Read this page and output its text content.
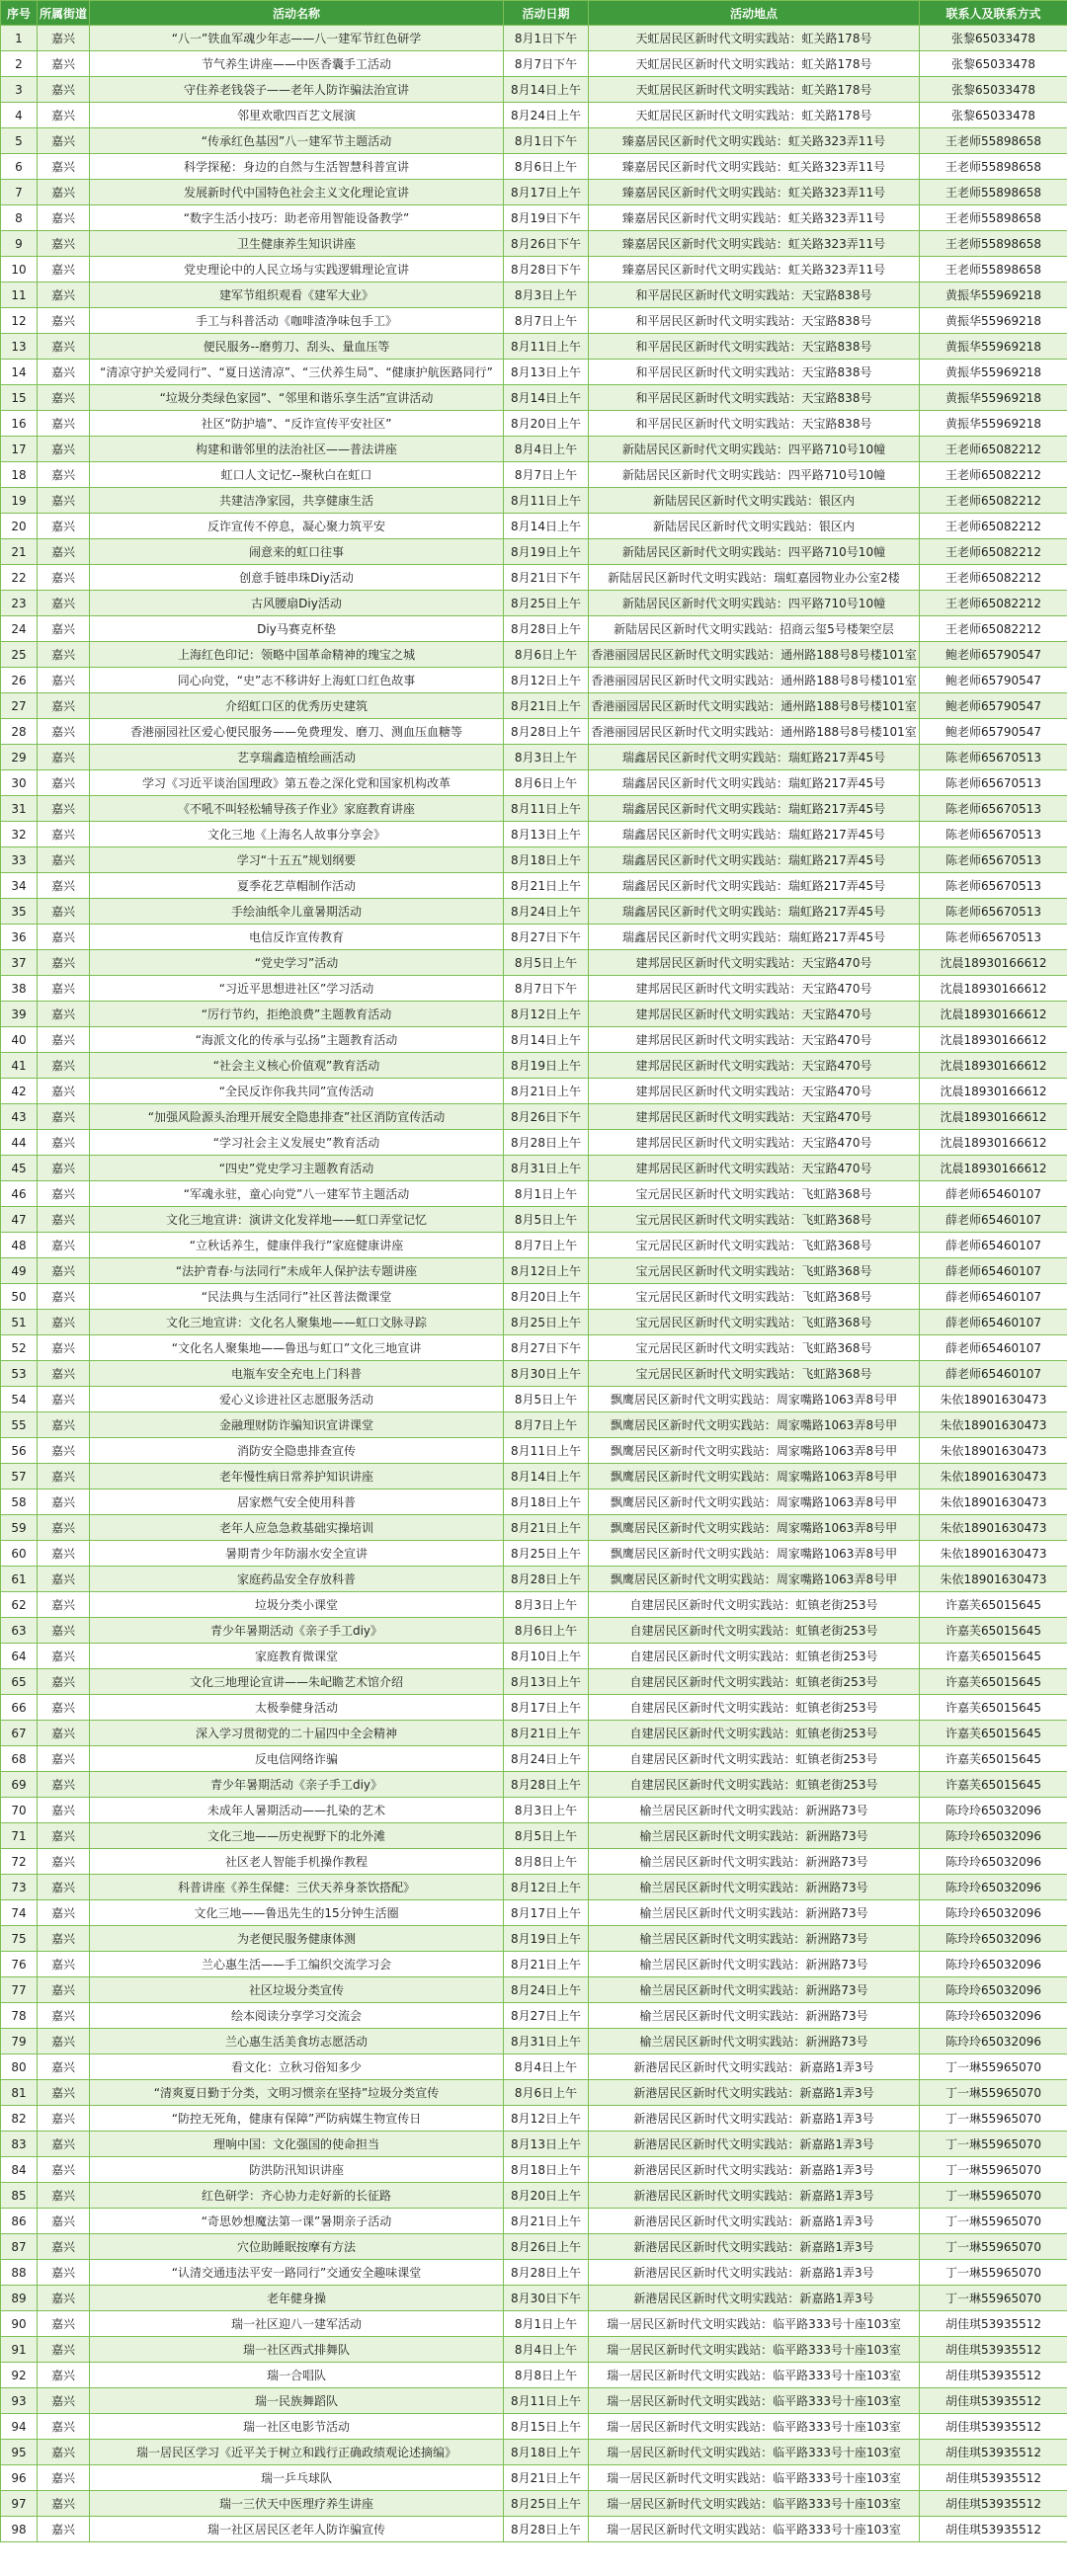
序号	所属街道	活动名称	活动日期	活动地点	联系人及联系方式
1	嘉兴	“八一”铁血军魂少年志——八一建军节红色研学	8月1日下午	天虹居民区新时代文明实践站：虹关路178号	张黎65033478
2	嘉兴	节气养生讲座——中医香囊手工活动	8月7日下午	天虹居民区新时代文明实践站：虹关路178号	张黎65033478
3	嘉兴	守住养老钱袋子——老年人防诈骗法治宣讲	8月14日上午	天虹居民区新时代文明实践站：虹关路178号	张黎65033478
4	嘉兴	邻里欢歌四百艺文展演	8月24日上午	天虹居民区新时代文明实践站：虹关路178号	张黎65033478
5	嘉兴	“传承红色基因”八一建军节主题活动	8月1日下午	臻嘉居民区新时代文明实践站：虹关路323弄11号	王老师55898658
6	嘉兴	科学探秘：身边的自然与生活智慧科普宣讲	8月6日上午	臻嘉居民区新时代文明实践站：虹关路323弄11号	王老师55898658
7	嘉兴	发展新时代中国特色社会主义文化理论宣讲	8月17日上午	臻嘉居民区新时代文明实践站：虹关路323弄11号	王老师55898658
8	嘉兴	“数字生活小技巧：助老帝用智能设备教学”	8月19日下午	臻嘉居民区新时代文明实践站：虹关路323弄11号	王老师55898658
9	嘉兴	卫生健康养生知识讲座	8月26日下午	臻嘉居民区新时代文明实践站：虹关路323弄11号	王老师55898658
10	嘉兴	党史理论中的人民立场与实践逻辑理论宣讲	8月28日下午	臻嘉居民区新时代文明实践站：虹关路323弄11号	王老师55898658
11	嘉兴	建军节组织观看《建军大业》	8月3日上午	和平居民区新时代文明实践站：天宝路838号	黄振华55969218
12	嘉兴	手工与科普活动《咖啡渣净味包手工》	8月7日上午	和平居民区新时代文明实践站：天宝路838号	黄振华55969218
13	嘉兴	便民服务--磨剪刀、刮头、量血压等	8月11日上午	和平居民区新时代文明实践站：天宝路838号	黄振华55969218
14	嘉兴	“清凉守护关爱同行”、“夏日送清凉”、“三伏养生局”、“健康护航医路同行”	8月13日上午	和平居民区新时代文明实践站：天宝路838号	黄振华55969218
15	嘉兴	“垃圾分类绿色家园”、“邻里和谐乐享生活”宣讲活动	8月14日上午	和平居民区新时代文明实践站：天宝路838号	黄振华55969218
16	嘉兴	社区“防护墙”、“反诈宣传平安社区”	8月20日上午	和平居民区新时代文明实践站：天宝路838号	黄振华55969218
17	嘉兴	构建和谐邻里的法治社区——普法讲座	8月4日上午	新陆居民区新时代文明实践站：四平路710号10幢	王老师65082212
18	嘉兴	虹口人文记忆--聚秋白在虹口	8月7日上午	新陆居民区新时代文明实践站：四平路710号10幢	王老师65082212
19	嘉兴	共建洁净家园，共享健康生活	8月11日上午	新陆居民区新时代文明实践站：银区内	王老师65082212
20	嘉兴	反诈宣传不停息，凝心聚力筑平安	8月14日上午	新陆居民区新时代文明实践站：银区内	王老师65082212
21	嘉兴	闹意来的虹口往事	8月19日上午	新陆居民区新时代文明实践站：四平路710号10幢	王老师65082212
22	嘉兴	创意手链串珠Diy活动	8月21日下午	新陆居民区新时代文明实践站：瑞虹嘉园物业办公室2楼	王老师65082212
23	嘉兴	古风腰扇Diy活动	8月25日上午	新陆居民区新时代文明实践站：四平路710号10幢	王老师65082212
24	嘉兴	Diy马赛克杯垫	8月28日上午	新陆居民区新时代文明实践站：招商云玺5号楼架空层	王老师65082212
25	嘉兴	上海红色印记：领略中国革命精神的瑰宝之城	8月6日上午	香港丽园居民区新时代文明实践站：通州路188号8号楼101室	鲍老师65790547
26	嘉兴	同心向党，“史”志不移讲好上海虹口红色故事	8月12日上午	香港丽园居民区新时代文明实践站：通州路188号8号楼101室	鲍老师65790547
27	嘉兴	介绍虹口区的优秀历史建筑	8月21日上午	香港丽园居民区新时代文明实践站：通州路188号8号楼101室	鲍老师65790547
28	嘉兴	香港丽园社区爱心便民服务——免费理发、磨刀、测血压血糖等	8月28日上午	香港丽园居民区新时代文明实践站：通州路188号8号楼101室	鲍老师65790547
29	嘉兴	艺享瑞鑫造植绘画活动	8月3日上午	瑞鑫居民区新时代文明实践站：瑞虹路217弄45号	陈老师65670513
30	嘉兴	学习《习近平谈治国理政》第五卷之深化党和国家机构改革	8月6日上午	瑞鑫居民区新时代文明实践站：瑞虹路217弄45号	陈老师65670513
31	嘉兴	《不吼不叫轻松辅导孩子作业》家庭教育讲座	8月11日上午	瑞鑫居民区新时代文明实践站：瑞虹路217弄45号	陈老师65670513
32	嘉兴	文化三地《上海名人故事分享会》	8月13日上午	瑞鑫居民区新时代文明实践站：瑞虹路217弄45号	陈老师65670513
33	嘉兴	学习“十五五”规划纲要	8月18日上午	瑞鑫居民区新时代文明实践站：瑞虹路217弄45号	陈老师65670513
34	嘉兴	夏季花艺草帽制作活动	8月21日上午	瑞鑫居民区新时代文明实践站：瑞虹路217弄45号	陈老师65670513
35	嘉兴	手绘油纸伞儿童暑期活动	8月24日上午	瑞鑫居民区新时代文明实践站：瑞虹路217弄45号	陈老师65670513
36	嘉兴	电信反诈宣传教育	8月27日下午	瑞鑫居民区新时代文明实践站：瑞虹路217弄45号	陈老师65670513
37	嘉兴	“党史学习”活动	8月5日上午	建邦居民区新时代文明实践站：天宝路470号	沈晨18930166612
38	嘉兴	“习近平思想进社区”学习活动	8月7日下午	建邦居民区新时代文明实践站：天宝路470号	沈晨18930166612
39	嘉兴	“厉行节约，拒绝浪费”主题教育活动	8月12日上午	建邦居民区新时代文明实践站：天宝路470号	沈晨18930166612
40	嘉兴	“海派文化的传承与弘扬”主题教育活动	8月14日上午	建邦居民区新时代文明实践站：天宝路470号	沈晨18930166612
41	嘉兴	“社会主义核心价值观”教育活动	8月19日上午	建邦居民区新时代文明实践站：天宝路470号	沈晨18930166612
42	嘉兴	“全民反诈你我共同”宣传活动	8月21日上午	建邦居民区新时代文明实践站：天宝路470号	沈晨18930166612
43	嘉兴	“加强风险源头治理开展安全隐患排查”社区消防宣传活动	8月26日下午	建邦居民区新时代文明实践站：天宝路470号	沈晨18930166612
44	嘉兴	“学习社会主义发展史”教育活动	8月28日上午	建邦居民区新时代文明实践站：天宝路470号	沈晨18930166612
45	嘉兴	“四史”党史学习主题教育活动	8月31日上午	建邦居民区新时代文明实践站：天宝路470号	沈晨18930166612
46	嘉兴	“军魂永驻，童心向党”八一建军节主题活动	8月1日上午	宝元居民区新时代文明实践站：飞虹路368号	薛老师65460107
47	嘉兴	文化三地宣讲：演讲文化发祥地——虹口弄堂记忆	8月5日上午	宝元居民区新时代文明实践站：飞虹路368号	薛老师65460107
48	嘉兴	“立秋话养生，健康伴我行”家庭健康讲座	8月7日上午	宝元居民区新时代文明实践站：飞虹路368号	薛老师65460107
49	嘉兴	“法护青春·与法同行”未成年人保护法专题讲座	8月12日上午	宝元居民区新时代文明实践站：飞虹路368号	薛老师65460107
50	嘉兴	“民法典与生活同行”社区普法微课堂	8月20日上午	宝元居民区新时代文明实践站：飞虹路368号	薛老师65460107
51	嘉兴	文化三地宣讲：文化名人聚集地——虹口文脉寻踪	8月25日上午	宝元居民区新时代文明实践站：飞虹路368号	薛老师65460107
52	嘉兴	“文化名人聚集地——鲁迅与虹口”文化三地宣讲	8月27日下午	宝元居民区新时代文明实践站：飞虹路368号	薛老师65460107
53	嘉兴	电瓶车安全充电上门科普	8月30日上午	宝元居民区新时代文明实践站：飞虹路368号	薛老师65460107
54	嘉兴	爱心义诊进社区志愿服务活动	8月5日上午	飘鹰居民区新时代文明实践站：周家嘴路1063弄8号甲	朱依18901630473
55	嘉兴	金融理财防诈骗知识宣讲课堂	8月7日上午	飘鹰居民区新时代文明实践站：周家嘴路1063弄8号甲	朱依18901630473
56	嘉兴	消防安全隐患排查宣传	8月11日上午	飘鹰居民区新时代文明实践站：周家嘴路1063弄8号甲	朱依18901630473
57	嘉兴	老年慢性病日常养护知识讲座	8月14日上午	飘鹰居民区新时代文明实践站：周家嘴路1063弄8号甲	朱依18901630473
58	嘉兴	居家燃气安全使用科普	8月18日上午	飘鹰居民区新时代文明实践站：周家嘴路1063弄8号甲	朱依18901630473
59	嘉兴	老年人应急急救基础实操培训	8月21日上午	飘鹰居民区新时代文明实践站：周家嘴路1063弄8号甲	朱依18901630473
60	嘉兴	暑期青少年防溺水安全宣讲	8月25日上午	飘鹰居民区新时代文明实践站：周家嘴路1063弄8号甲	朱依18901630473
61	嘉兴	家庭药品安全存放科普	8月28日上午	飘鹰居民区新时代文明实践站：周家嘴路1063弄8号甲	朱依18901630473
62	嘉兴	垃圾分类小课堂	8月3日上午	自建居民区新时代文明实践站：虹镇老街253号	许嘉芙65015645
63	嘉兴	青少年暑期活动《亲子手工diy》	8月6日上午	自建居民区新时代文明实践站：虹镇老街253号	许嘉芙65015645
64	嘉兴	家庭教育微课堂	8月10日上午	自建居民区新时代文明实践站：虹镇老街253号	许嘉芙65015645
65	嘉兴	文化三地理论宣讲——朱屺瞻艺术馆介绍	8月13日上午	自建居民区新时代文明实践站：虹镇老街253号	许嘉芙65015645
66	嘉兴	太极拳健身活动	8月17日上午	自建居民区新时代文明实践站：虹镇老街253号	许嘉芙65015645
67	嘉兴	深入学习贯彻党的二十届四中全会精神	8月21日上午	自建居民区新时代文明实践站：虹镇老街253号	许嘉芙65015645
68	嘉兴	反电信网络诈骗	8月24日上午	自建居民区新时代文明实践站：虹镇老街253号	许嘉芙65015645
69	嘉兴	青少年暑期活动《亲子手工diy》	8月28日上午	自建居民区新时代文明实践站：虹镇老街253号	许嘉芙65015645
70	嘉兴	未成年人暑期活动——扎染的艺术	8月3日上午	榆兰居民区新时代文明实践站：新洲路73号	陈玲玲65032096
71	嘉兴	文化三地——历史视野下的北外滩	8月5日上午	榆兰居民区新时代文明实践站：新洲路73号	陈玲玲65032096
72	嘉兴	社区老人智能手机操作教程	8月8日上午	榆兰居民区新时代文明实践站：新洲路73号	陈玲玲65032096
73	嘉兴	科普讲座《养生保健：三伏天养身茶饮搭配》	8月12日上午	榆兰居民区新时代文明实践站：新洲路73号	陈玲玲65032096
74	嘉兴	文化三地——鲁迅先生的15分钟生活圈	8月17日上午	榆兰居民区新时代文明实践站：新洲路73号	陈玲玲65032096
75	嘉兴	为老便民服务健康体测	8月19日上午	榆兰居民区新时代文明实践站：新洲路73号	陈玲玲65032096
76	嘉兴	兰心惠生活——手工编织交流学习会	8月21日上午	榆兰居民区新时代文明实践站：新洲路73号	陈玲玲65032096
77	嘉兴	社区垃圾分类宣传	8月24日上午	榆兰居民区新时代文明实践站：新洲路73号	陈玲玲65032096
78	嘉兴	绘本阅读分享学习交流会	8月27日上午	榆兰居民区新时代文明实践站：新洲路73号	陈玲玲65032096
79	嘉兴	兰心惠生活美食坊志愿活动	8月31日上午	榆兰居民区新时代文明实践站：新洲路73号	陈玲玲65032096
80	嘉兴	看文化：立秋习俗知多少	8月4日上午	新港居民区新时代文明实践站：新嘉路1弄3号	丁一琳55965070
81	嘉兴	“清爽夏日勤于分类，文明习惯亲在坚持”垃圾分类宣传	8月6日上午	新港居民区新时代文明实践站：新嘉路1弄3号	丁一琳55965070
82	嘉兴	“防控无死角，健康有保障”严防病媒生物宣传日	8月12日上午	新港居民区新时代文明实践站：新嘉路1弄3号	丁一琳55965070
83	嘉兴	理响中国：文化强国的使命担当	8月13日上午	新港居民区新时代文明实践站：新嘉路1弄3号	丁一琳55965070
84	嘉兴	防洪防汛知识讲座	8月18日上午	新港居民区新时代文明实践站：新嘉路1弄3号	丁一琳55965070
85	嘉兴	红色研学：齐心协力走好新的长征路	8月20日上午	新港居民区新时代文明实践站：新嘉路1弄3号	丁一琳55965070
86	嘉兴	“奇思妙想魔法第一课”暑期亲子活动	8月21日上午	新港居民区新时代文明实践站：新嘉路1弄3号	丁一琳55965070
87	嘉兴	穴位助睡眠按摩有方法	8月26日上午	新港居民区新时代文明实践站：新嘉路1弄3号	丁一琳55965070
88	嘉兴	“认清交通违法平安一路同行”交通安全趣味课堂	8月28日上午	新港居民区新时代文明实践站：新嘉路1弄3号	丁一琳55965070
89	嘉兴	老年健身操	8月30日下午	新港居民区新时代文明实践站：新嘉路1弄3号	丁一琳55965070
90	嘉兴	瑞一社区迎八一建军活动	8月1日上午	瑞一居民区新时代文明实践站：临平路333号十座103室	胡佳琪53935512
91	嘉兴	瑞一社区西式排舞队	8月4日上午	瑞一居民区新时代文明实践站：临平路333号十座103室	胡佳琪53935512
92	嘉兴	瑞一合唱队	8月8日上午	瑞一居民区新时代文明实践站：临平路333号十座103室	胡佳琪53935512
93	嘉兴	瑞一民族舞蹈队	8月11日上午	瑞一居民区新时代文明实践站：临平路333号十座103室	胡佳琪53935512
94	嘉兴	瑞一社区电影节活动	8月15日上午	瑞一居民区新时代文明实践站：临平路333号十座103室	胡佳琪53935512
95	嘉兴	瑞一居民区学习《近平关于树立和践行正确政绩观论述摘编》	8月18日上午	瑞一居民区新时代文明实践站：临平路333号十座103室	胡佳琪53935512
96	嘉兴	瑞一乒乓球队	8月21日上午	瑞一居民区新时代文明实践站：临平路333号十座103室	胡佳琪53935512
97	嘉兴	瑞一三伏天中医理疗养生讲座	8月25日上午	瑞一居民区新时代文明实践站：临平路333号十座103室	胡佳琪53935512
98	嘉兴	瑞一社区居民区老年人防诈骗宣传	8月28日上午	瑞一居民区新时代文明实践站：临平路333号十座103室	胡佳琪53935512
